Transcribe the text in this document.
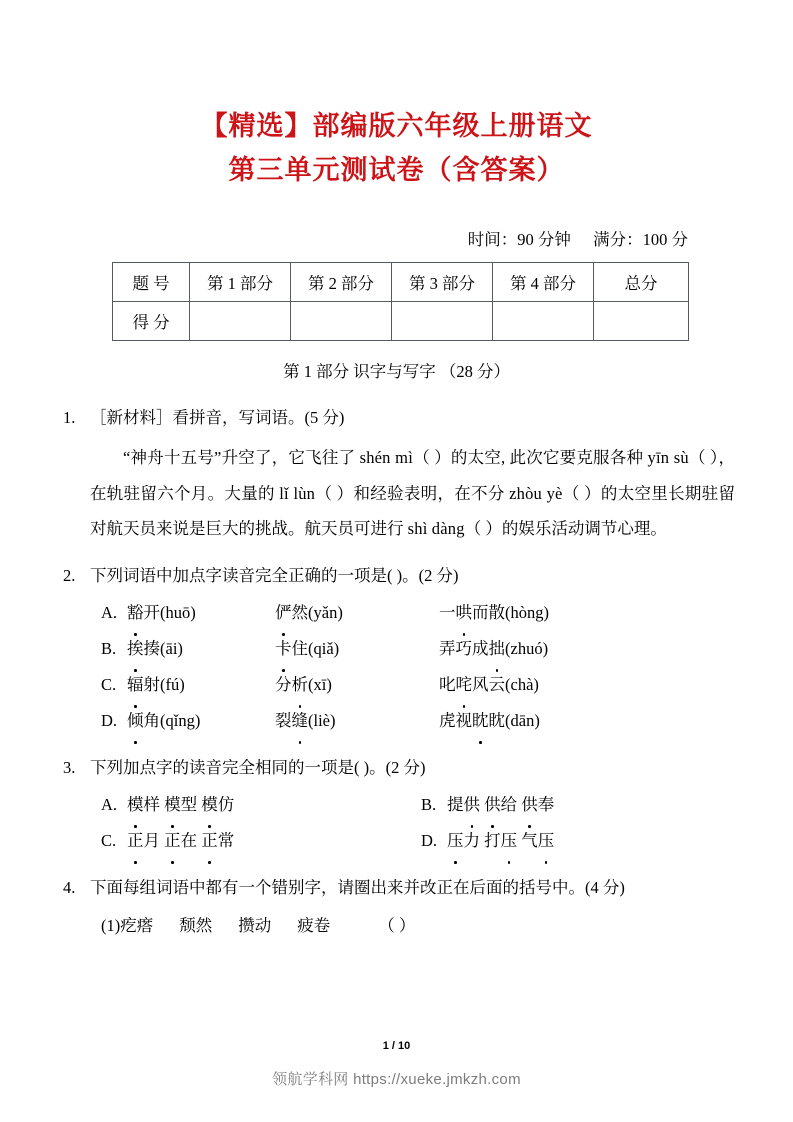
【精选】部编版六年级上册语文
第三单元测试卷（含答案）
时间：90 分钟 满分：100 分
题 号	第 1 部分	第 2 部分	第 3 部分	第 4 部分	总分
得 分					
第 1 部分 识字与写字 （28 分）
1. ［新材料］看拼音，写词语。(5 分)

“神舟十五号”升空了，它飞往了 shén mì（ ）的太空, 此次它要克服各种 yīn sù（ ），在轨驻留六个月。大量的 lǐ lùn（ ）和经验表明，在不分 zhòu yè（ ）的太空里长期驻留对航天员来说是巨大的挑战。航天员可进行 shì dàng（ ）的娱乐活动调节心理。

2. 下列词语中加点字读音完全正确的一项是( )。(2 分)
A. 豁开(huō)	俨然(yǎn)	一哄而散(hòng)
B. 挨揍(āi)	卡住(qiǎ)	弄巧成拙(zhuó)
C. 辐射(fú)	分析(xī)	叱咤风云(chà)
D. 倾角(qǐng)	裂缝(liè)	虎视眈眈(dān)
3. 下列加点字的读音完全相同的一项是( )。(2 分)
A. 模样 模型 模仿	B. 提供 供给 供奉
C. 正月 正在 正常	D. 压力 打压 气压
4. 下面每组词语中都有一个错别字，请圈出来并改正在后面的括号中。(4 分)
(1)疙瘩 颓然 攒动 疲卷	（ ）
1 / 10
领航学科网 https://xueke.jmkzh.com
